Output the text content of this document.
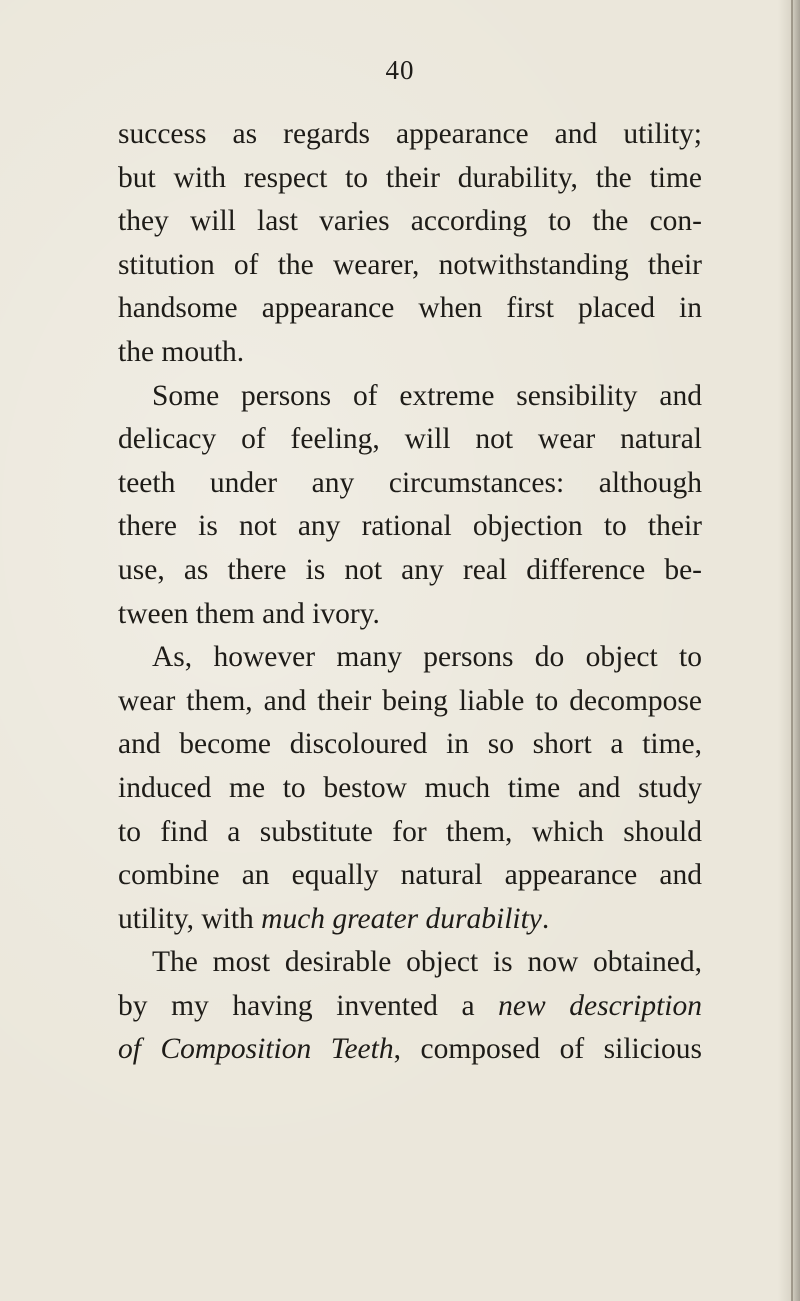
40
success as regards appearance and utility;
but with respect to their durability, the time
they will last varies according to the con-
stitution of the wearer, notwithstanding their
handsome appearance when first placed in
the mouth.
Some persons of extreme sensibility and
delicacy of feeling, will not wear natural
teeth under any circumstances: although
there is not any rational objection to their
use, as there is not any real difference be-
tween them and ivory.
As, however many persons do object to
wear them, and their being liable to decompose
and become discoloured in so short a time,
induced me to bestow much time and study
to find a substitute for them, which should
combine an equally natural appearance and
utility, with much greater durability.
The most desirable object is now obtained,
by my having invented a new description
of Composition Teeth, composed of silicious
